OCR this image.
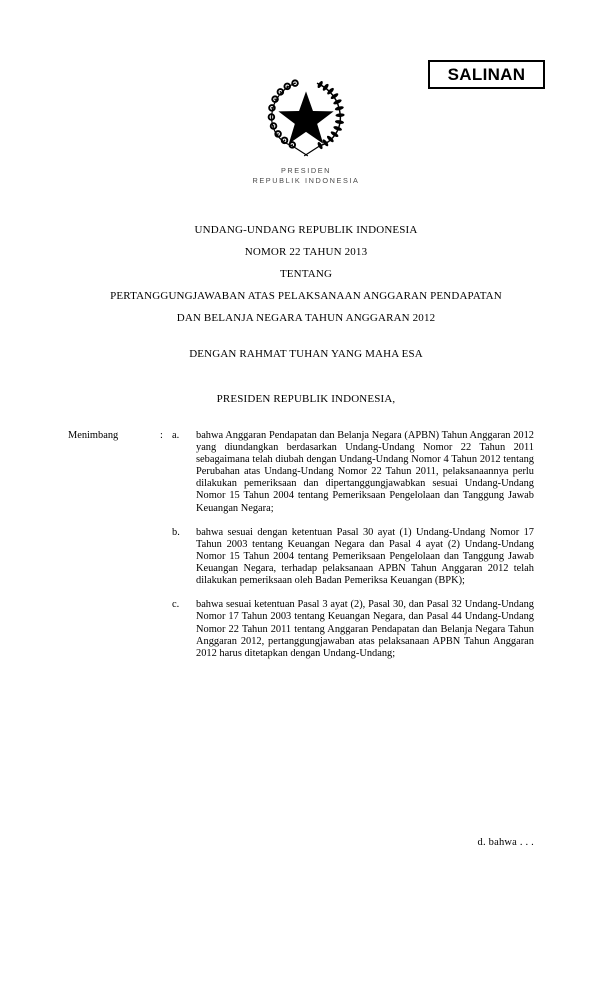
SALINAN
PRESIDEN
REPUBLIK INDONESIA
UNDANG-UNDANG REPUBLIK INDONESIA
NOMOR 22 TAHUN 2013
TENTANG
PERTANGGUNGJAWABAN ATAS PELAKSANAAN ANGGARAN PENDAPATAN
DAN BELANJA NEGARA TAHUN ANGGARAN 2012
DENGAN RAHMAT TUHAN YANG MAHA ESA
PRESIDEN REPUBLIK INDONESIA,
Menimbang	: a.	bahwa Anggaran Pendapatan dan Belanja Negara (APBN) Tahun Anggaran 2012 yang diundangkan berdasarkan Undang-Undang Nomor 22 Tahun 2011 sebagaimana telah diubah dengan Undang-Undang Nomor 4 Tahun 2012 tentang Perubahan atas Undang-Undang Nomor 22 Tahun 2011, pelaksanaannya perlu dilakukan pemeriksaan dan dipertanggungjawabkan sesuai Undang-Undang Nomor 15 Tahun 2004 tentang Pemeriksaan Pengelolaan dan Tanggung Jawab Keuangan Negara;
b.	bahwa sesuai dengan ketentuan Pasal 30 ayat (1) Undang-Undang Nomor 17 Tahun 2003 tentang Keuangan Negara dan Pasal 4 ayat (2) Undang-Undang Nomor 15 Tahun 2004 tentang Pemeriksaan Pengelolaan dan Tanggung Jawab Keuangan Negara, terhadap pelaksanaan APBN Tahun Anggaran 2012 telah dilakukan pemeriksaan oleh Badan Pemeriksa Keuangan (BPK);
c.	bahwa sesuai ketentuan Pasal 3 ayat (2), Pasal 30, dan Pasal 32 Undang-Undang Nomor 17 Tahun 2003 tentang Keuangan Negara, dan Pasal 44 Undang-Undang Nomor 22 Tahun 2011 tentang Anggaran Pendapatan dan Belanja Negara Tahun Anggaran 2012, pertanggungjawaban atas pelaksanaan APBN Tahun Anggaran 2012 harus ditetapkan dengan Undang-Undang;
d. bahwa . . .
